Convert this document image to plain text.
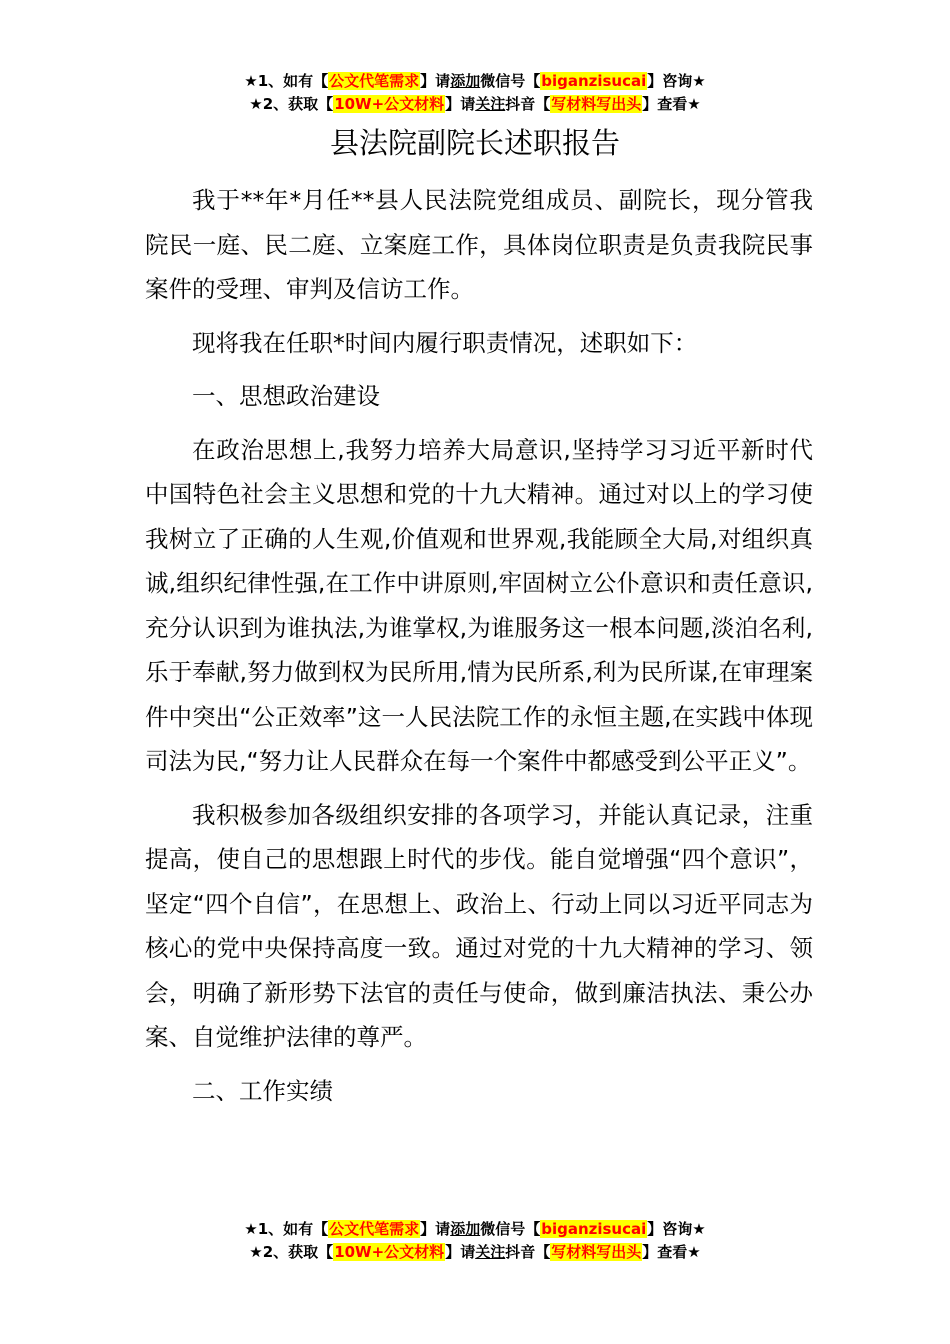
★1、如有【公文代笔需求】请添加微信号【biganzisucai】咨询★
★2、获取【10W+公文材料】请关注抖音【写材料写出头】查看★
县法院副院长述职报告

我于**年*月任**县人民法院党组成员、副院长，现分管我院民一庭、民二庭、立案庭工作，具体岗位职责是负责我院民事案件的受理、审判及信访工作。

现将我在任职*时间内履行职责情况，述职如下：

一、思想政治建设

在政治思想上,我努力培养大局意识,坚持学习习近平新时代中国特色社会主义思想和党的十九大精神。通过对以上的学习使我树立了正确的人生观,价值观和世界观,我能顾全大局,对组织真诚,组织纪律性强,在工作中讲原则,牢固树立公仆意识和责任意识,充分认识到为谁执法,为谁掌权,为谁服务这一根本问题,淡泊名利,乐于奉献,努力做到权为民所用,情为民所系,利为民所谋,在审理案件中突出“公正效率”这一人民法院工作的永恒主题,在实践中体现司法为民,“努力让人民群众在每一个案件中都感受到公平正义”。

我积极参加各级组织安排的各项学习，并能认真记录，注重提高，使自己的思想跟上时代的步伐。能自觉增强“四个意识”，坚定“四个自信”，在思想上、政治上、行动上同以习近平同志为核心的党中央保持高度一致。通过对党的十九大精神的学习、领会，明确了新形势下法官的责任与使命，做到廉洁执法、秉公办案、自觉维护法律的尊严。

二、工作实绩

★1、如有【公文代笔需求】请添加微信号【biganzisucai】咨询★
★2、获取【10W+公文材料】请关注抖音【写材料写出头】查看★
